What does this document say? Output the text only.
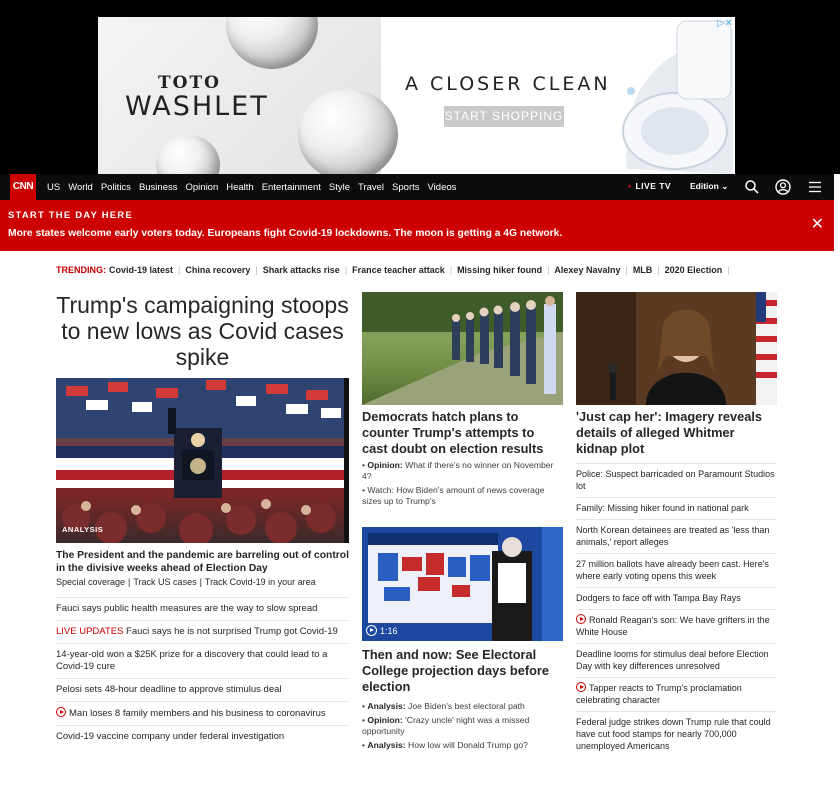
TOTO
WASHLET
A CLOSER CLEAN
START SHOPPING
▷✕
CNN	US World Politics Business Opinion Health Entertainment Style Travel Sports Videos	• LIVE TV Edition ⌄
START THE DAY HERE
More states welcome early voters today. Europeans fight Covid-19 lockdowns. The moon is getting a 4G network.
✕
TRENDING: Covid-19 latest | China recovery | Shark attacks rise | France teacher attack | Missing hiker found | Alexey Navalny | MLB | 2020 Election |
Trump's campaigning stoops to new lows as Covid cases spike
ANALYSIS
The President and the pandemic are barreling out of control in the divisive weeks ahead of Election Day
Special coverage | Track US cases | Track Covid-19 in your area
Fauci says public health measures are the way to slow spread
LIVE UPDATES Fauci says he is not surprised Trump got Covid-19
14-year-old won a $25K prize for a discovery that could lead to a Covid-19 cure
Pelosi sets 48-hour deadline to approve stimulus deal
Man loses 8 family members and his business to coronavirus
Covid-19 vaccine company under federal investigation
Democrats hatch plans to counter Trump's attempts to cast doubt on election results
• Opinion: What if there's no winner on November 4?
• Watch: How Biden's amount of news coverage sizes up to Trump's
1:16
Then and now: See Electoral College projection days before election
• Analysis: Joe Biden's best electoral path
• Opinion: 'Crazy uncle' night was a missed opportunity
• Analysis: How low will Donald Trump go?
'Just cap her': Imagery reveals details of alleged Whitmer kidnap plot
Police: Suspect barricaded on Paramount Studios lot
Family: Missing hiker found in national park
North Korean detainees are treated as 'less than animals,' report alleges
27 million ballots have already been cast. Here's where early voting opens this week
Dodgers to face off with Tampa Bay Rays
Ronald Reagan's son: We have grifters in the White House
Deadline looms for stimulus deal before Election Day with key differences unresolved
Tapper reacts to Trump's proclamation celebrating character
Federal judge strikes down Trump rule that could have cut food stamps for nearly 700,000 unemployed Americans
